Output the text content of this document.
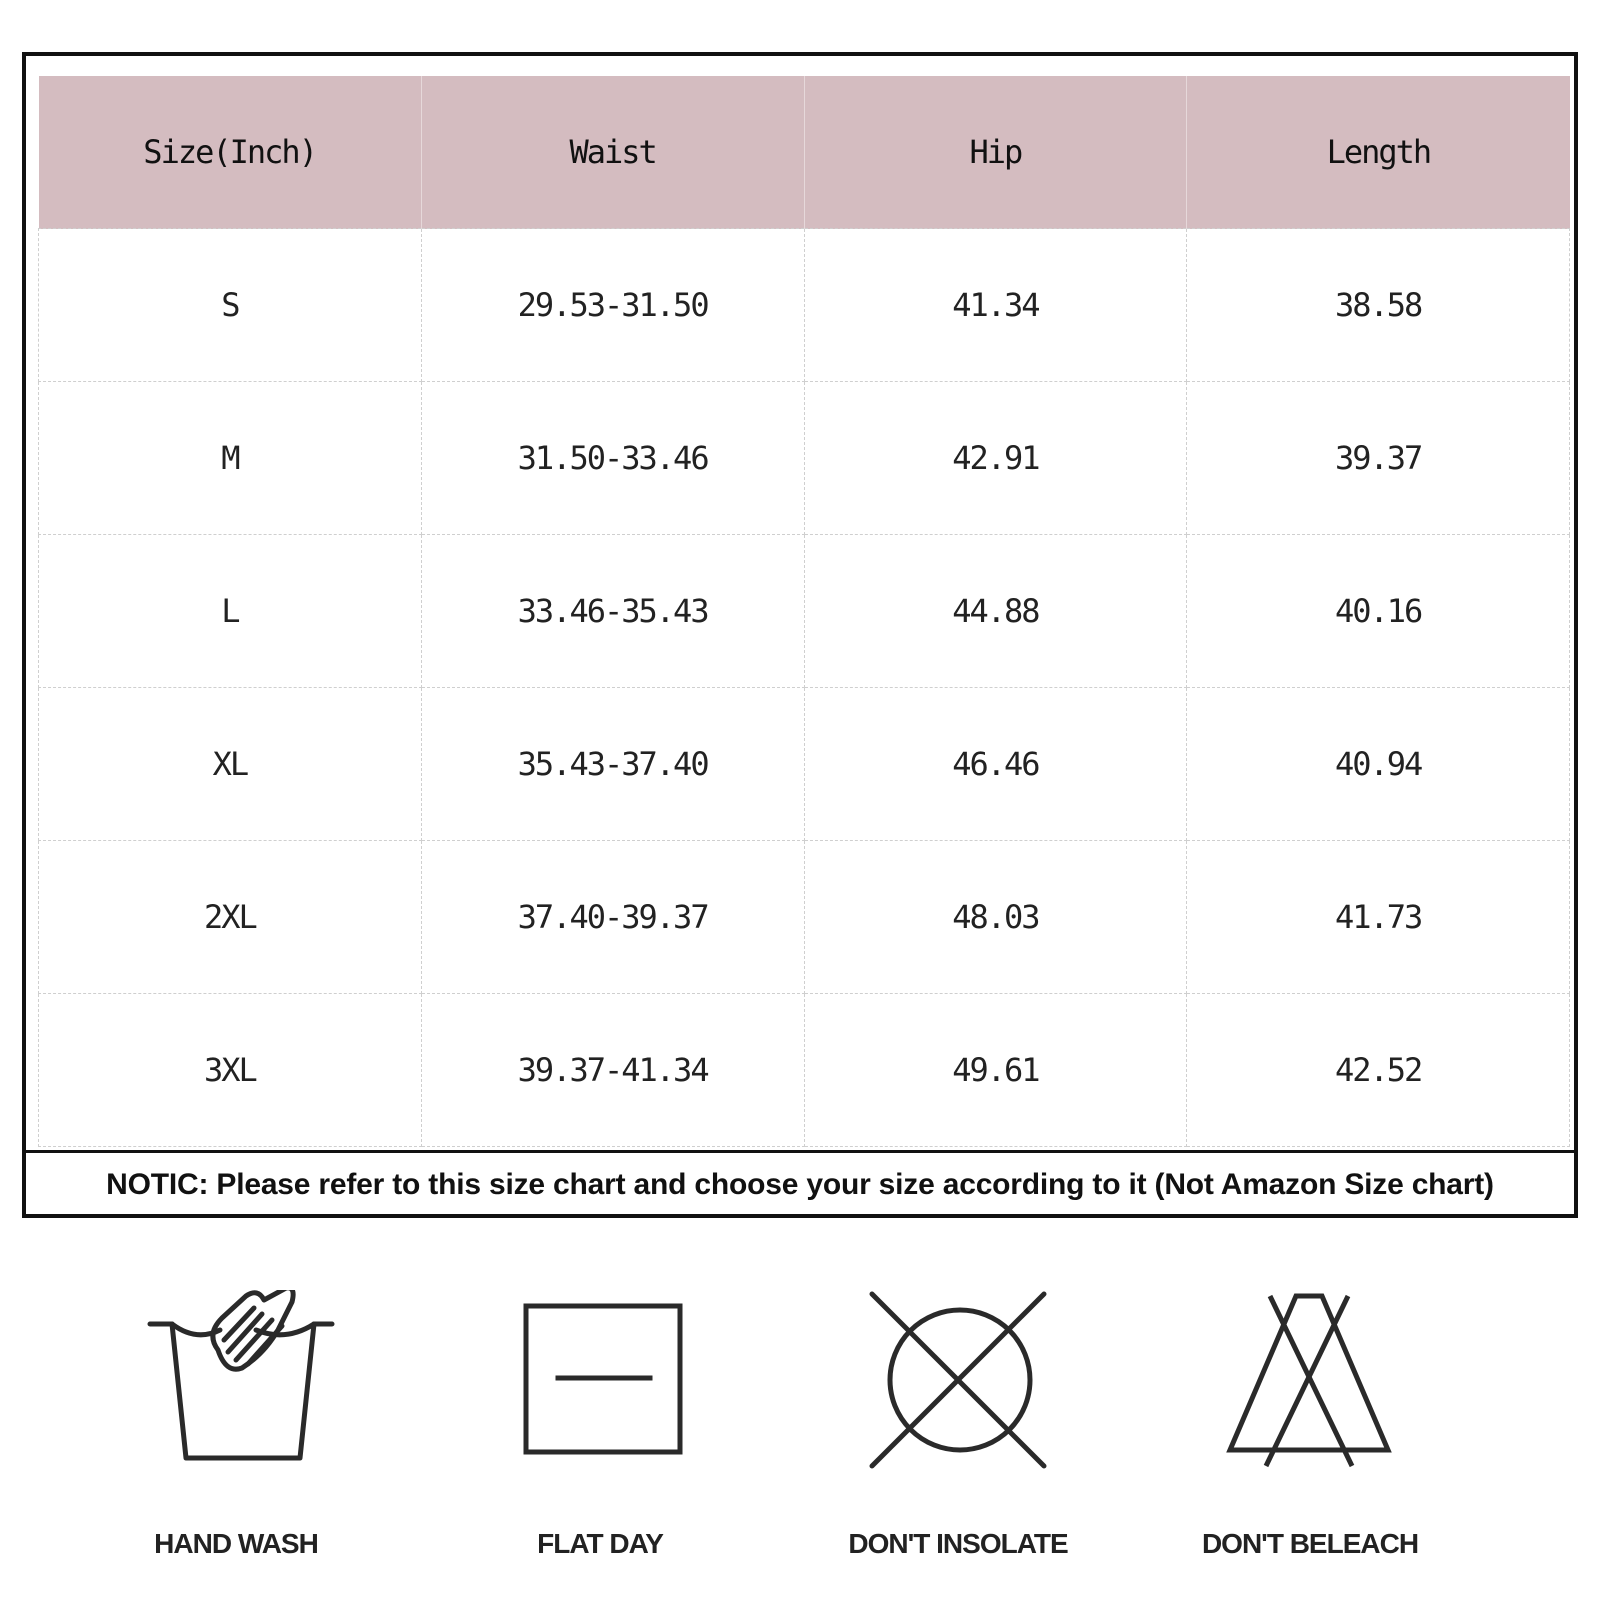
Size(Inch)	Waist	Hip	Length
S	29.53-31.50	41.34	38.58
M	31.50-33.46	42.91	39.37
L	33.46-35.43	44.88	40.16
XL	35.43-37.40	46.46	40.94
2XL	37.40-39.37	48.03	41.73
3XL	39.37-41.34	49.61	42.52
NOTIC: Please refer to this size chart and choose your size according to it (Not Amazon Size chart)
HAND WASH	FLAT DAY	DON'T INSOLATE	DON'T BELEACH
